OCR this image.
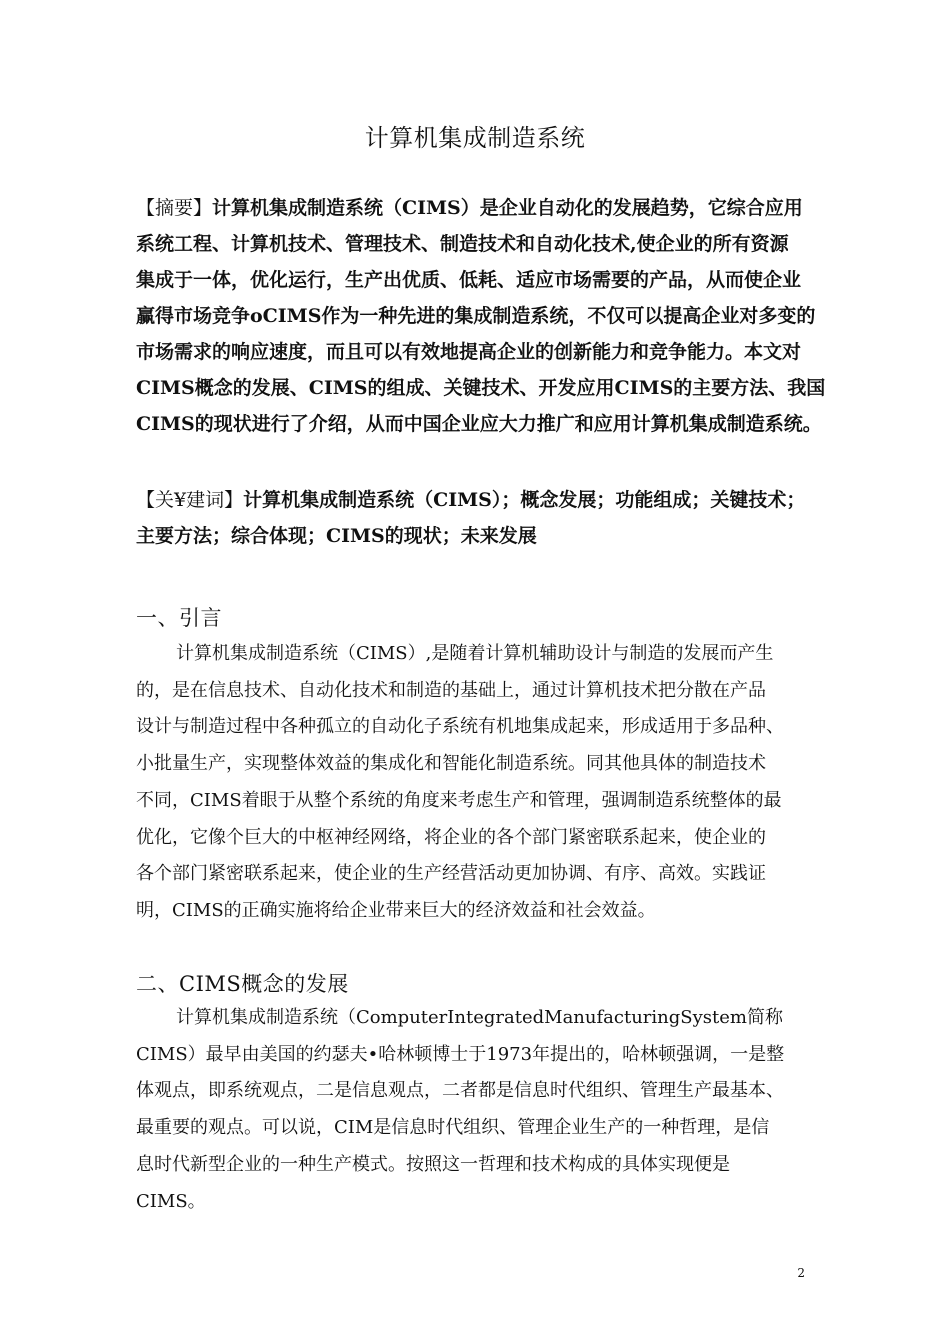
计算机集成制造系统
【摘要】计算机集成制造系统（CIMS）是企业自动化的发展趋势，它综合应用
系统工程、计算机技术、管理技术、制造技术和自动化技术,使企业的所有资源
集成于一体，优化运行，生产出优质、低耗、适应市场需要的产品，从而使企业
赢得市场竞争oCIMS作为一种先进的集成制造系统，不仅可以提高企业对多变的
市场需求的响应速度，而且可以有效地提高企业的创新能力和竞争能力。本文对
CIMS概念的发展、CIMS的组成、关键技术、开发应用CIMS的主要方法、我国
CIMS的现状进行了介绍，从而中国企业应大力推广和应用计算机集成制造系统。
【关¥建词】计算机集成制造系统（CIMS）；概念发展；功能组成；关键技术；
主要方法；综合体现；CIMS的现状；未来发展
一、引言
计算机集成制造系统（CIMS）,是随着计算机辅助设计与制造的发展而产生
的，是在信息技术、自动化技术和制造的基础上，通过计算机技术把分散在产品
设计与制造过程中各种孤立的自动化子系统有机地集成起来，形成适用于多品种、
小批量生产，实现整体效益的集成化和智能化制造系统。同其他具体的制造技术
不同，CIMS着眼于从整个系统的角度来考虑生产和管理，强调制造系统整体的最
优化，它像个巨大的中枢神经网络，将企业的各个部门紧密联系起来，使企业的
各个部门紧密联系起来，使企业的生产经营活动更加协调、有序、高效。实践证
明，CIMS的正确实施将给企业带来巨大的经济效益和社会效益。
二、CIMS概念的发展
计算机集成制造系统（ComputerIntegratedManufacturingSystem简称
CIMS）最早由美国的约瑟夫•哈林顿博士于1973年提出的，哈林顿强调，一是整
体观点，即系统观点，二是信息观点，二者都是信息时代组织、管理生产最基本、
最重要的观点。可以说，CIM是信息时代组织、管理企业生产的一种哲理，是信
息时代新型企业的一种生产模式。按照这一哲理和技术构成的具体实现便是
CIMS。
2
